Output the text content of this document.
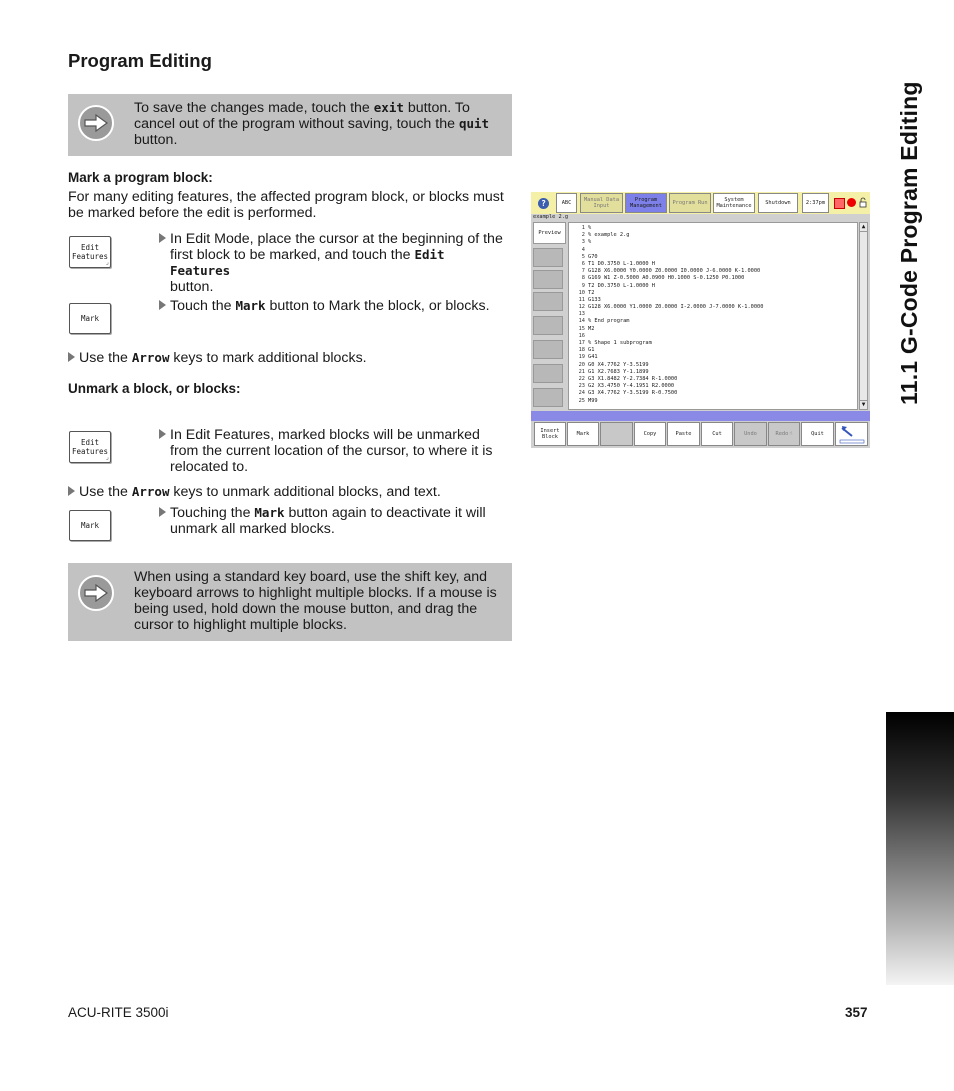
Program Editing
To save the changes made, touch the exit button. To cancel out of the program without saving, touch the quit button.
Mark a program block:
For many editing features, the affected program block, or blocks must be marked before the edit is performed.
Edit
Features
⌟
In Edit Mode, place the cursor at the beginning of the
first block to be marked, and touch the Edit Features
button.
Mark
Touch the Mark button to Mark the block, or blocks.
Use the Arrow keys to mark additional blocks.
Unmark a block, or blocks:
Edit
Features
⌟
In Edit Features, marked blocks will be unmarked
from the current location of the cursor, to where it is
relocated to.
Use the Arrow keys to unmark additional blocks, and text.
Mark
Touching the Mark button again to deactivate it will
unmark all marked blocks.
When using a standard key board, use the shift key, and keyboard arrows to highlight multiple blocks. If a mouse is being used, hold down the mouse button, and drag the cursor to highlight multiple blocks.
?	ABC Manual Data
Input
Program
Management Program Run	System
Maintenance	Shutdown	2:37pm
example 2.g
Preview
1 %
2 % example 2.g
3 %
4
5 G70
6 T1 D0.3750 L-1.0000 H
7 G128 X6.0000 Y0.0000 Z0.0000 I0.0000 J-6.0000 K-1.0000
8 G169 W1 Z-0.5000 A0.0900 H0.1000 S-0.1250 P0.1000
9 T2 D0.3750 L-1.0000 H
10 T2
11 G133
12 G128 X6.0000 Y1.0000 Z0.0000 I-2.0000 J-7.0000 K-1.0000
13
14 % End program
15 M2
16
17 % Shape 1 subprogram
18 G1
19 G41
20 G0 X4.7762 Y-3.5199
21 G1 X2.7683 Y-1.1899
22 G3 X1.8482 Y-2.7384 R-1.0000
23 G2 X3.4750 Y-4.1951 R2.0000
24 G3 X4.7762 Y-3.5199 R-0.7500
25 M99
▲
▼
Insert
Block	Mark	Copy	Paste	Cut	Undo	Redo ☝	Quit
11.1 G-Code Program Editing
ACU-RITE 3500i	357
